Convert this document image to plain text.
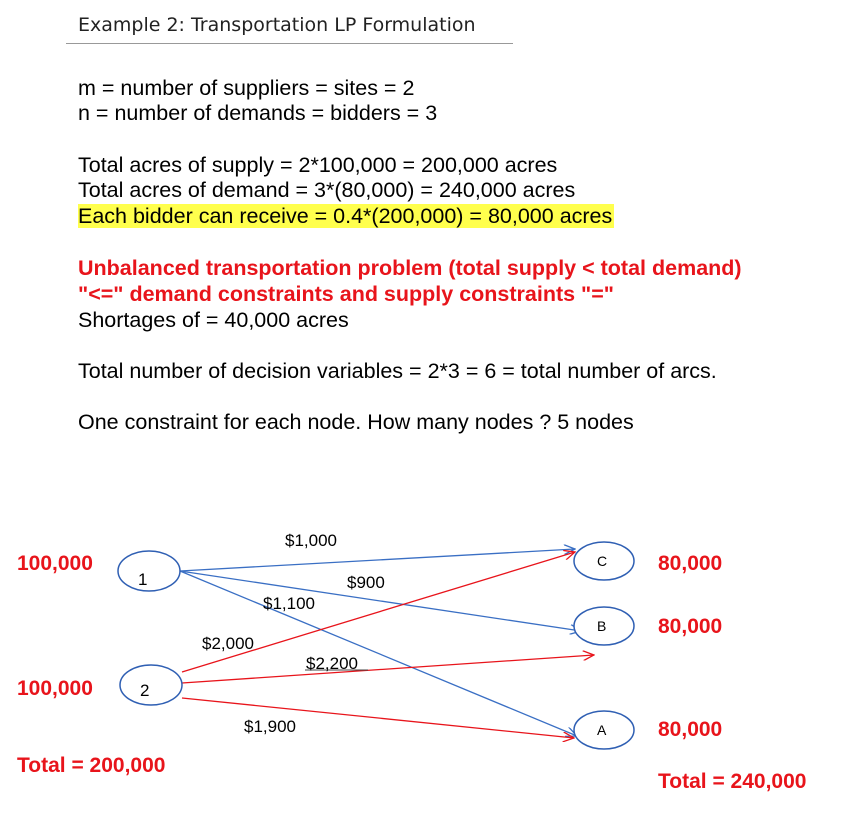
Example 2: Transportation LP Formulation
m = number of suppliers = sites = 2
n = number of demands = bidders = 3
Total acres of supply = 2*100,000 = 200,000 acres
Total acres of demand = 3*(80,000) = 240,000 acres
Each bidder can receive = 0.4*(200,000) = 80,000 acres
Unbalanced transportation problem (total supply < total demand)
"<=" demand constraints and supply constraints "="
Shortages of = 40,000 acres
Total number of decision variables = 2*3 = 6 = total number of arcs.
One constraint for each node. How many nodes ? 5 nodes
1
2
C
B
A
$1,000
$900
$1,100
$2,000
$2,200
$1,900
100,000
100,000
Total = 200,000
80,000
80,000
80,000
Total = 240,000
